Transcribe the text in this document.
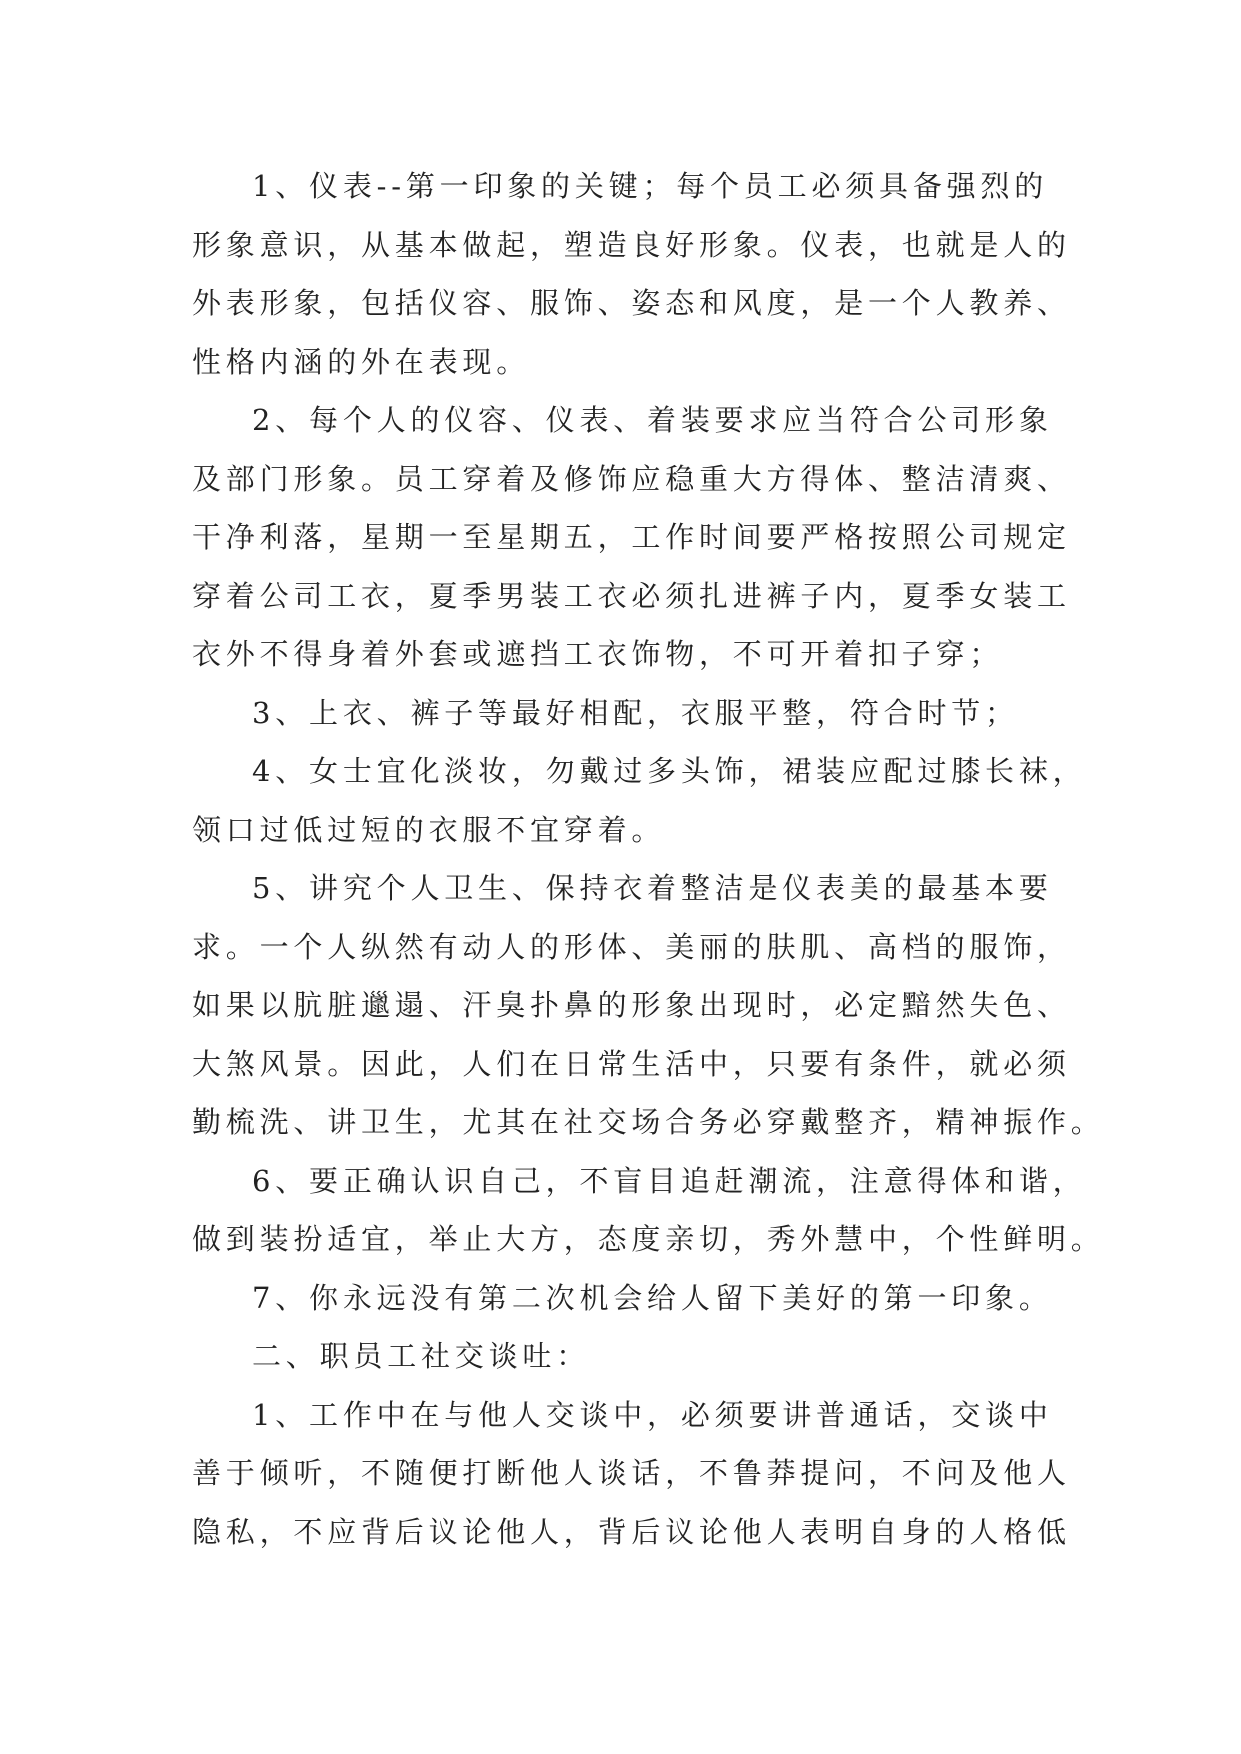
1、仪表--第一印象的关键；每个员工必须具备强烈的
形象意识，从基本做起，塑造良好形象。仪表，也就是人的
外表形象，包括仪容、服饰、姿态和风度，是一个人教养、
性格内涵的外在表现。

2、每个人的仪容、仪表、着装要求应当符合公司形象
及部门形象。员工穿着及修饰应稳重大方得体、整洁清爽、
干净利落，星期一至星期五，工作时间要严格按照公司规定
穿着公司工衣，夏季男装工衣必须扎进裤子内，夏季女装工
衣外不得身着外套或遮挡工衣饰物，不可开着扣子穿；

3、上衣、裤子等最好相配，衣服平整，符合时节；

4、女士宜化淡妆，勿戴过多头饰，裙装应配过膝长袜，
领口过低过短的衣服不宜穿着。

5、讲究个人卫生、保持衣着整洁是仪表美的最基本要
求。一个人纵然有动人的形体、美丽的肤肌、高档的服饰，
如果以肮脏邋遢、汗臭扑鼻的形象出现时，必定黯然失色、
大煞风景。因此，人们在日常生活中，只要有条件，就必须
勤梳洗、讲卫生，尤其在社交场合务必穿戴整齐，精神振作。

6、要正确认识自己，不盲目追赶潮流，注意得体和谐，
做到装扮适宜，举止大方，态度亲切，秀外慧中，个性鲜明。

7、你永远没有第二次机会给人留下美好的第一印象。

二、职员工社交谈吐：

1、工作中在与他人交谈中，必须要讲普通话，交谈中
善于倾听，不随便打断他人谈话，不鲁莽提问，不问及他人
隐私，不应背后议论他人，背后议论他人表明自身的人格低
